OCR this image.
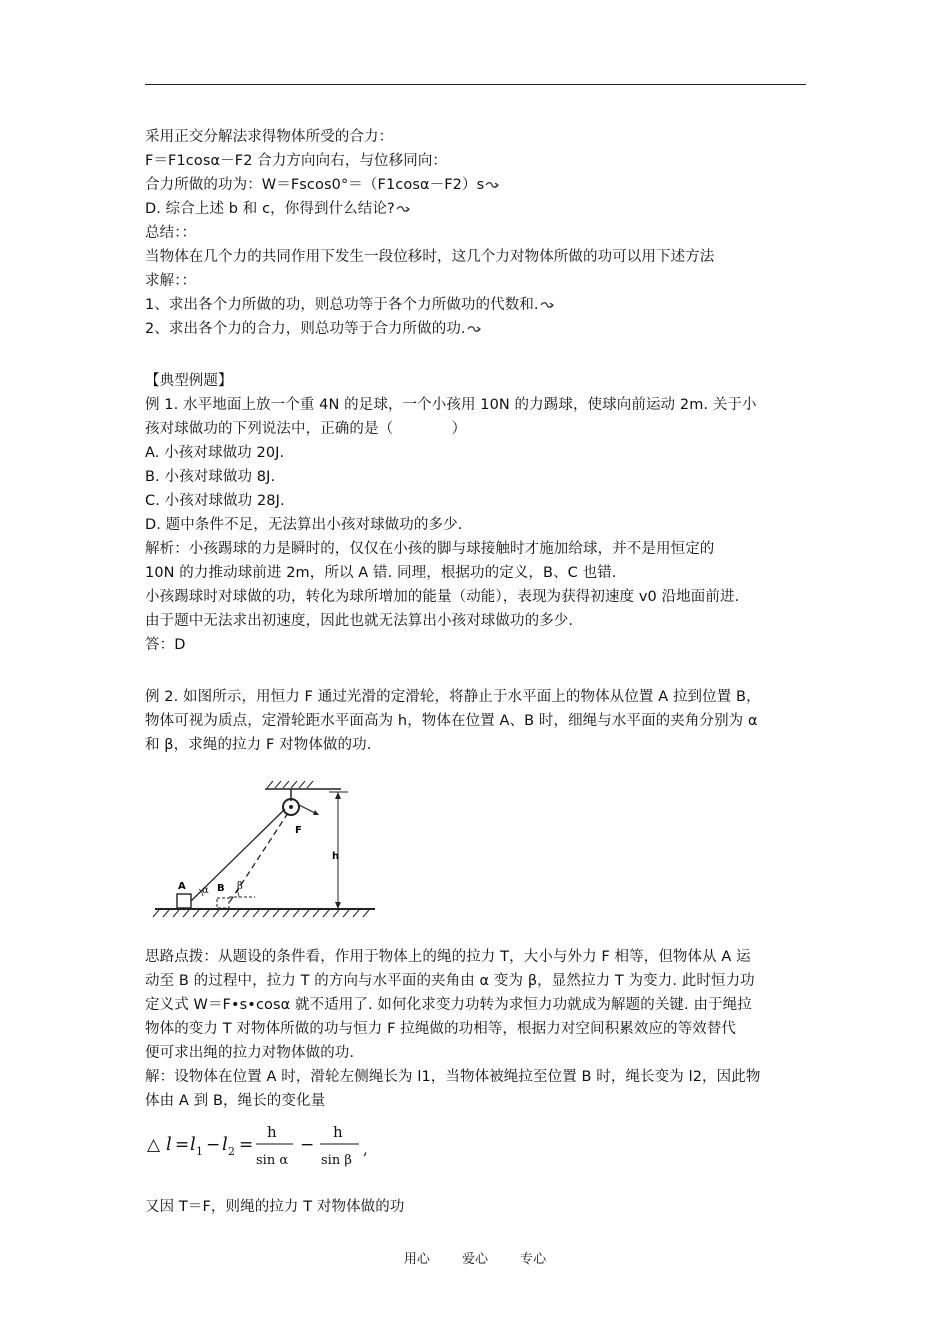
采用正交分解法求得物体所受的合力：
F＝F1cosα－F2 合力方向向右，与位移同向：
合力所做的功为：W＝Fscos0°＝（F1cosα－F2）s
D. 综合上述 b 和 c，你得到什么结论?
总结：：
当物体在几个力的共同作用下发生一段位移时，这几个力对物体所做的功可以用下述方法
求解：：
1、求出各个力所做的功，则总功等于各个力所做功的代数和.
2、求出各个力的合力，则总功等于合力所做的功.
【典型例题】
例 1. 水平地面上放一个重 4N 的足球，一个小孩用 10N 的力踢球，使球向前运动 2m. 关于小
孩对球做功的下列说法中，正确的是（　　　　）
A. 小孩对球做功 20J.
B. 小孩对球做功 8J.
C. 小孩对球做功 28J.
D. 题中条件不足，无法算出小孩对球做功的多少.
解析：小孩踢球的力是瞬时的，仅仅在小孩的脚与球接触时才施加给球，并不是用恒定的
10N 的力推动球前进 2m，所以 A 错. 同理，根据功的定义，B、C 也错.
小孩踢球时对球做的功，转化为球所增加的能量（动能），表现为获得初速度 v0 沿地面前进.
由于题中无法求出初速度，因此也就无法算出小孩对球做功的多少.
答：D
例 2. 如图所示，用恒力 F 通过光滑的定滑轮，将静止于水平面上的物体从位置 A 拉到位置 B，
物体可视为质点，定滑轮距水平面高为 h，物体在位置 A、B 时，细绳与水平面的夹角分别为 α
和 β，求绳的拉力 F 对物体做的功.
F
h
A α B β
思路点拨：从题设的条件看，作用于物体上的绳的拉力 T，大小与外力 F 相等，但物体从 A 运
动至 B 的过程中，拉力 T 的方向与水平面的夹角由 α 变为 β，显然拉力 T 为变力. 此时恒力功
定义式 W＝F•s•cosα 就不适用了. 如何化求变力功转为求恒力功就成为解题的关键. 由于绳拉
物体的变力 T 对物体所做的功与恒力 F 拉绳做的功相等，根据力对空间积累效应的等效替代
便可求出绳的拉力对物体做的功.
解：设物体在位置 A 时，滑轮左侧绳长为 l1，当物体被绳拉至位置 B 时，绳长变为 l2，因此物
体由 A 到 B，绳长的变化量
△ l = l 1 − l 2 =
h
sin α
−
h
sin β
,
又因 T＝F，则绳的拉力 T 对物体做的功
用心 爱心 专心
